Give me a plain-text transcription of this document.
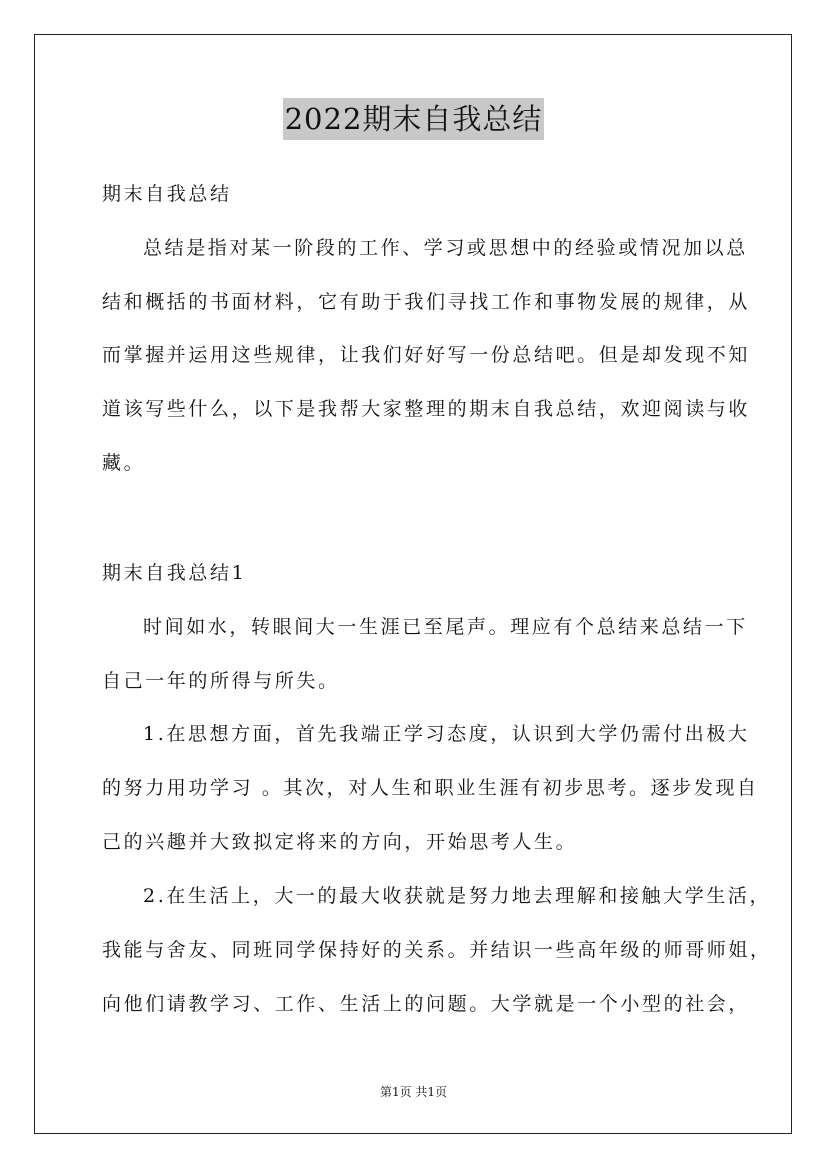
2022期末自我总结
期末自我总结
总结是指对某一阶段的工作、学习或思想中的经验或情况加以总
结和概括的书面材料，它有助于我们寻找工作和事物发展的规律，从
而掌握并运用这些规律，让我们好好写一份总结吧。但是却发现不知
道该写些什么，以下是我帮大家整理的期末自我总结，欢迎阅读与收
藏。
期末自我总结1
时间如水，转眼间大一生涯已至尾声。理应有个总结来总结一下
自己一年的所得与所失。
1.在思想方面，首先我端正学习态度，认识到大学仍需付出极大
的努力用功学习 。其次，对人生和职业生涯有初步思考。逐步发现自
己的兴趣并大致拟定将来的方向，开始思考人生。
2.在生活上，大一的最大收获就是努力地去理解和接触大学生活，
我能与舍友、同班同学保持好的关系。并结识一些高年级的师哥师姐，
向他们请教学习、工作、生活上的问题。大学就是一个小型的社会，
第1页 共1页
